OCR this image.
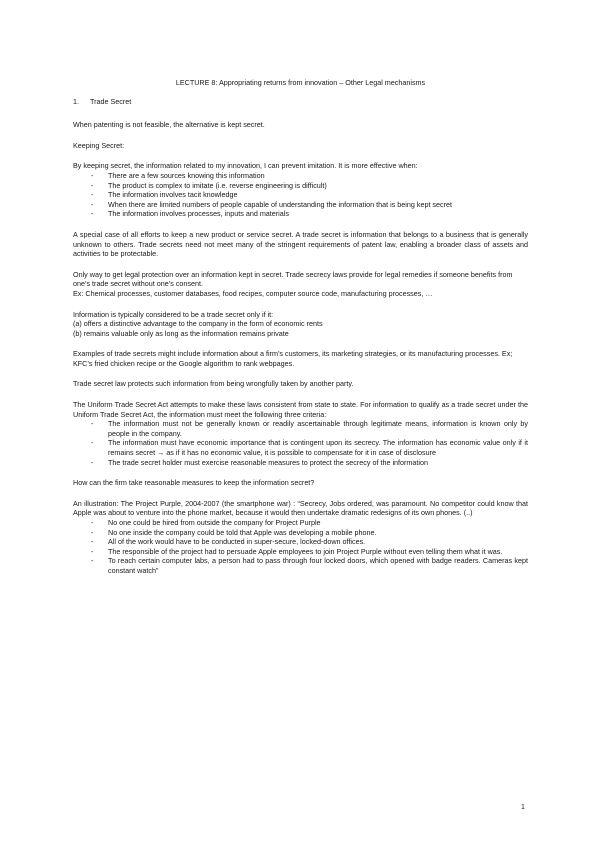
LECTURE 8: Appropriating returns from innovation – Other Legal mechanisms
1. Trade Secret

When patenting is not feasible, the alternative is kept secret.

Keeping Secret:

By keeping secret, the information related to my innovation, I can prevent imitation. It is more effective when:

- There are a few sources knowing this information
- The product is complex to imitate (i.e. reverse engineering is difficult)
- The information involves tacit knowledge
- When there are limited numbers of people capable of understanding the information that is being kept secret
- The information involves processes, inputs and materials

A special case of all efforts to keep a new product or service secret. A trade secret is information that belongs to a business that is generally unknown to others. Trade secrets need not meet many of the stringent requirements of patent law, enabling a broader class of assets and activities to be protectable.

Only way to get legal protection over an information kept in secret. Trade secrecy laws provide for legal remedies if someone benefits from one’s trade secret without one’s consent.
Ex: Chemical processes, customer databases, food recipes, computer source code, manufacturing processes, …
Information is typically considered to be a trade secret only if it:
(a) offers a distinctive advantage to the company in the form of economic rents
(b) remains valuable only as long as the information remains private

Examples of trade secrets might include information about a firm’s customers, its marketing strategies, or its manufacturing processes. Ex; KFC’s fried chicken recipe or the Google algorithm to rank webpages.

Trade secret law protects such information from being wrongfully taken by another party.

The Uniform Trade Secret Act attempts to make these laws consistent from state to state. For information to qualify as a trade secret under the Uniform Trade Secret Act, the information must meet the following three criteria:

- The information must not be generally known or readily ascertainable through legitimate means, information is known only by people in the company.
- The information must have economic importance that is contingent upon its secrecy. The information has economic value only if it remains secret → as if it has no economic value, it is possible to compensate for it in case of disclosure
- The trade secret holder must exercise reasonable measures to protect the secrecy of the information

How can the firm take reasonable measures to keep the information secret?

An illustration: The Project Purple, 2004-2007 (the smartphone war) : “Secrecy, Jobs ordered, was paramount. No competitor could know that Apple was about to venture into the phone market, because it would then undertake dramatic redesigns of its own phones. (..)

- No one could be hired from outside the company for Project Purple
- No one inside the company could be told that Apple was developing a mobile phone.
- All of the work would have to be conducted in super-secure, locked-down offices.
- The responsible of the project had to persuade Apple employees to join Project Purple without even telling them what it was.
- To reach certain computer labs, a person had to pass through four locked doors, which opened with badge readers. Cameras kept constant watch”
1
